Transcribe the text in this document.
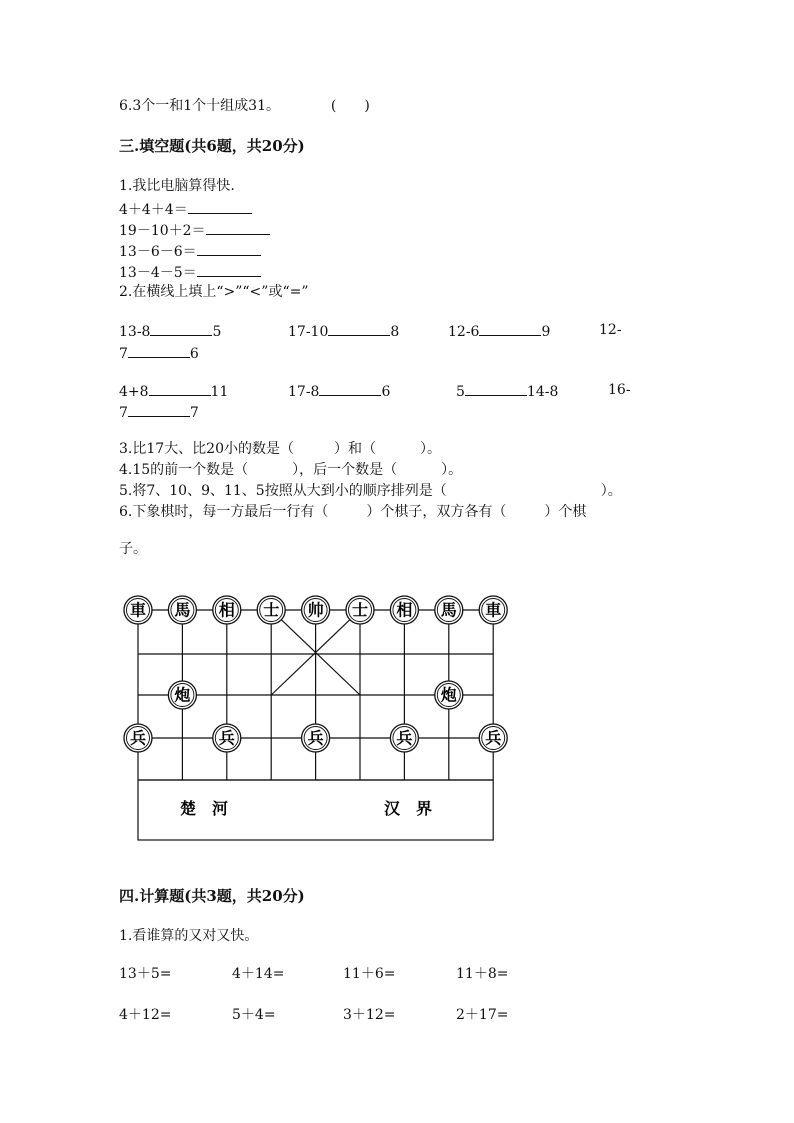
6.3个一和1个十组成31。	(　　)
三.填空题(共6题，共20分)
1.我比电脑算得快.
4＋4＋4＝
19－10＋2＝
13－6－6＝
13－4－5＝
2.在横线上填上“>”“<”或“=”
13-8	5	17-10	8	12-6	9	12-
7	6
4+8	11	17-8	6	5	14-8	16-
7	7
3.比17大、比20小的数是（	）和（	）。
4.15的前一个数是（	），后一个数是（	）。
5.将7、10、9、11、5按照从大到小的顺序排列是（	）。
6.下象棋时，每一方最后一行有（	）个棋子，双方各有（	）个棋
子。
車 馬 相 士 帅 士 相 馬 車
炮	炮
兵	兵	兵	兵	兵
楚　河	汉　界
四.计算题(共3题，共20分)
1.看谁算的又对又快。
13＋5=	4＋14=	11＋6=	11＋8=
4＋12=	5＋4=	3＋12=	2＋17=
